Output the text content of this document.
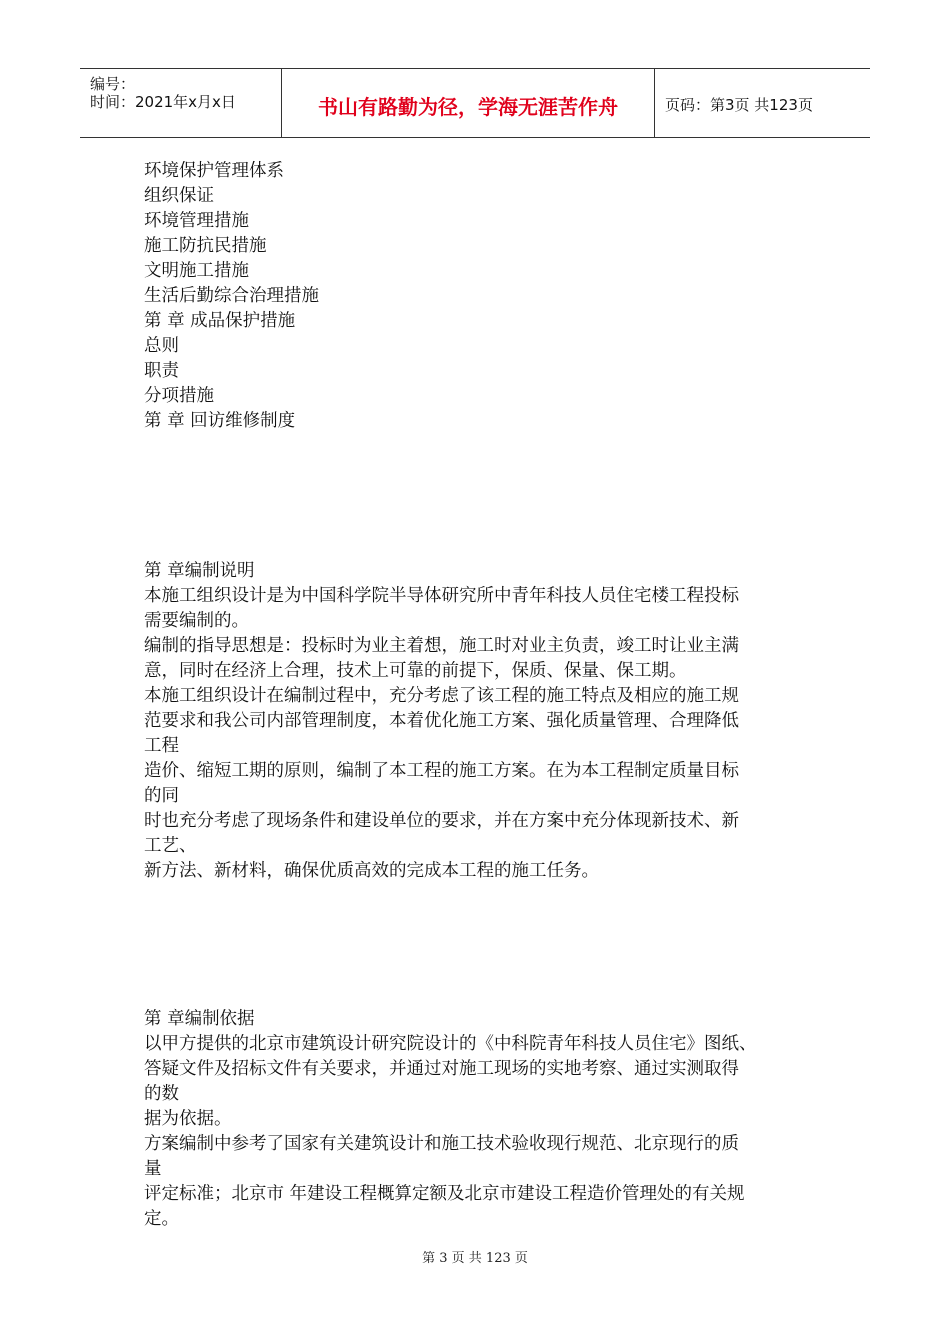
编号：
时间：2021年x月x日	书山有路勤为径，学海无涯苦作舟	页码：第3页 共123页
环境保护管理体系
组织保证
环境管理措施
施工防抗民措施
文明施工措施
生活后勤综合治理措施
第 章 成品保护措施
总则
职责
分项措施
第 章 回访维修制度
第 章编制说明
本施工组织设计是为中国科学院半导体研究所中青年科技人员住宅楼工程投标
需要编制的。
编制的指导思想是：投标时为业主着想，施工时对业主负责，竣工时让业主满
意，同时在经济上合理，技术上可靠的前提下，保质、保量、保工期。
本施工组织设计在编制过程中，充分考虑了该工程的施工特点及相应的施工规
范要求和我公司内部管理制度，本着优化施工方案、强化质量管理、合理降低
工程
造价、缩短工期的原则，编制了本工程的施工方案。在为本工程制定质量目标
的同
时也充分考虑了现场条件和建设单位的要求，并在方案中充分体现新技术、新
工艺、
新方法、新材料，确保优质高效的完成本工程的施工任务。
第 章编制依据
以甲方提供的北京市建筑设计研究院设计的《中科院青年科技人员住宅》图纸、
答疑文件及招标文件有关要求，并通过对施工现场的实地考察、通过实测取得
的数
据为依据。
方案编制中参考了国家有关建筑设计和施工技术验收现行规范、北京现行的质
量
评定标准；北京市 年建设工程概算定额及北京市建设工程造价管理处的有关规
定。
第 3 页 共 123 页
